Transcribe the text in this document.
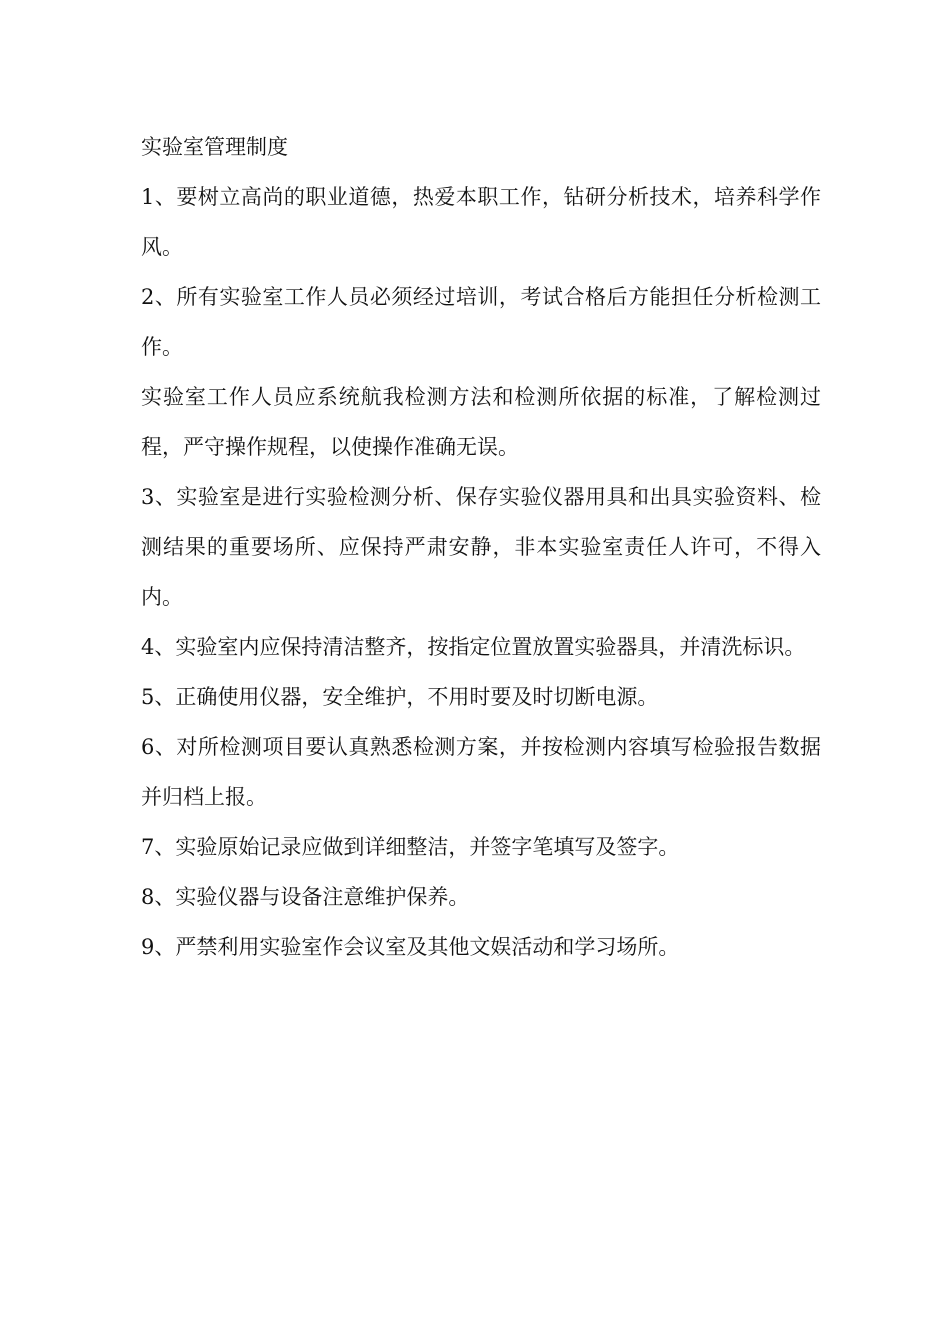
实验室管理制度

1、要树立高尚的职业道德，热爱本职工作，钻研分析技术，培养科学作风。

2、所有实验室工作人员必须经过培训，考试合格后方能担任分析检测工作。

实验室工作人员应系统航我检测方法和检测所依据的标准，了解检测过程，严守操作规程，以使操作准确无误。

3、实验室是进行实验检测分析、保存实验仪器用具和出具实验资料、检测结果的重要场所、应保持严肃安静，非本实验室责任人许可，不得入内。

4、实验室内应保持清洁整齐，按指定位置放置实验器具，并清洗标识。

5、正确使用仪器，安全维护，不用时要及时切断电源。

6、对所检测项目要认真熟悉检测方案，并按检测内容填写检验报告数据并归档上报。

7、实验原始记录应做到详细整洁，并签字笔填写及签字。

8、实验仪器与设备注意维护保养。

9、严禁利用实验室作会议室及其他文娱活动和学习场所。
